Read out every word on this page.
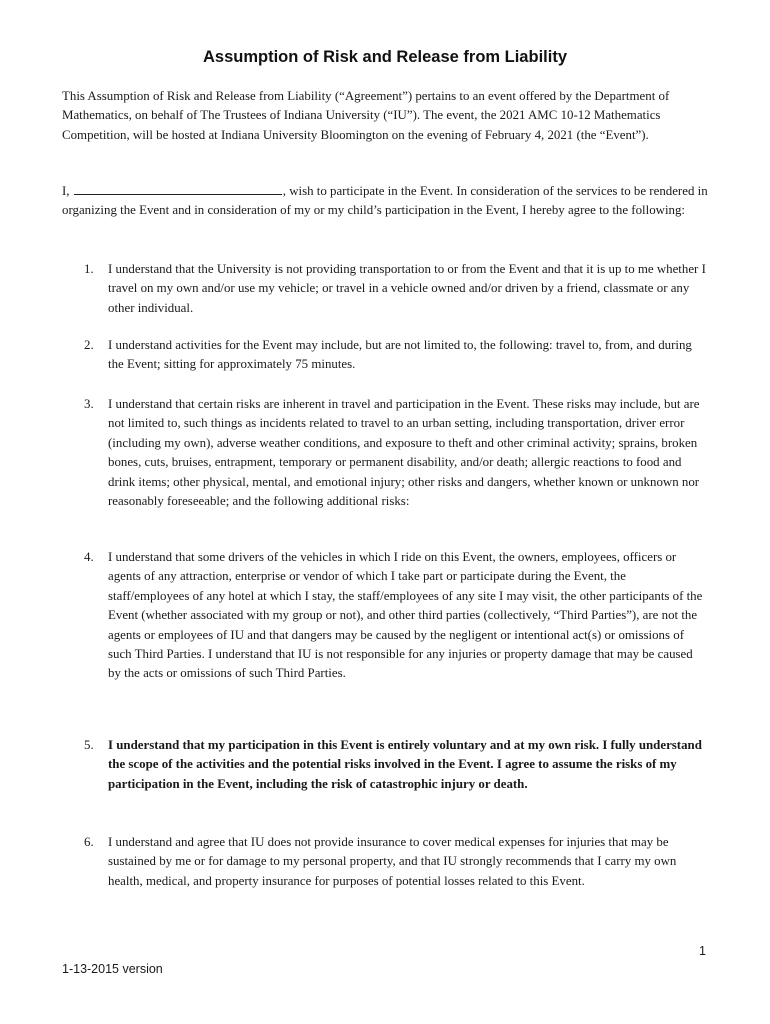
Assumption of Risk and Release from Liability

This Assumption of Risk and Release from Liability (“Agreement”) pertains to an event offered by the Department of Mathematics, on behalf of The Trustees of Indiana University (“IU”). The event, the 2021 AMC 10-12 Mathematics Competition, will be hosted at Indiana University Bloomington on the evening of February 4, 2021 (the “Event”).

I,	, wish to participate in the Event. In consideration of the services to be rendered in organizing the Event and in consideration of my or my child’s participation in the Event, I hereby agree to the following:

1. I understand that the University is not providing transportation to or from the Event and that it is up to me whether I travel on my own and/or use my vehicle; or travel in a vehicle owned and/or driven by a friend, classmate or any other individual.
2. I understand activities for the Event may include, but are not limited to, the following: travel to, from, and during the Event; sitting for approximately 75 minutes.
3. I understand that certain risks are inherent in travel and participation in the Event. These risks may include, but are not limited to, such things as incidents related to travel to an urban setting, including transportation, driver error (including my own), adverse weather conditions, and exposure to theft and other criminal activity; sprains, broken bones, cuts, bruises, entrapment, temporary or permanent disability, and/or death; allergic reactions to food and drink items; other physical, mental, and emotional injury; other risks and dangers, whether known or unknown nor reasonably foreseeable; and the following additional risks:
4. I understand that some drivers of the vehicles in which I ride on this Event, the owners, employees, officers or agents of any attraction, enterprise or vendor of which I take part or participate during the Event, the staff/employees of any hotel at which I stay, the staff/employees of any site I may visit, the other participants of the Event (whether associated with my group or not), and other third parties (collectively, “Third Parties”), are not the agents or employees of IU and that dangers may be caused by the negligent or intentional act(s) or omissions of such Third Parties. I understand that IU is not responsible for any injuries or property damage that may be caused by the acts or omissions of such Third Parties.
5. I understand that my participation in this Event is entirely voluntary and at my own risk. I fully understand the scope of the activities and the potential risks involved in the Event. I agree to assume the risks of my participation in the Event, including the risk of catastrophic injury or death.
6. I understand and agree that IU does not provide insurance to cover medical expenses for injuries that may be sustained by me or for damage to my personal property, and that IU strongly recommends that I carry my own health, medical, and property insurance for purposes of potential losses related to this Event.
1
1-13-2015 version
